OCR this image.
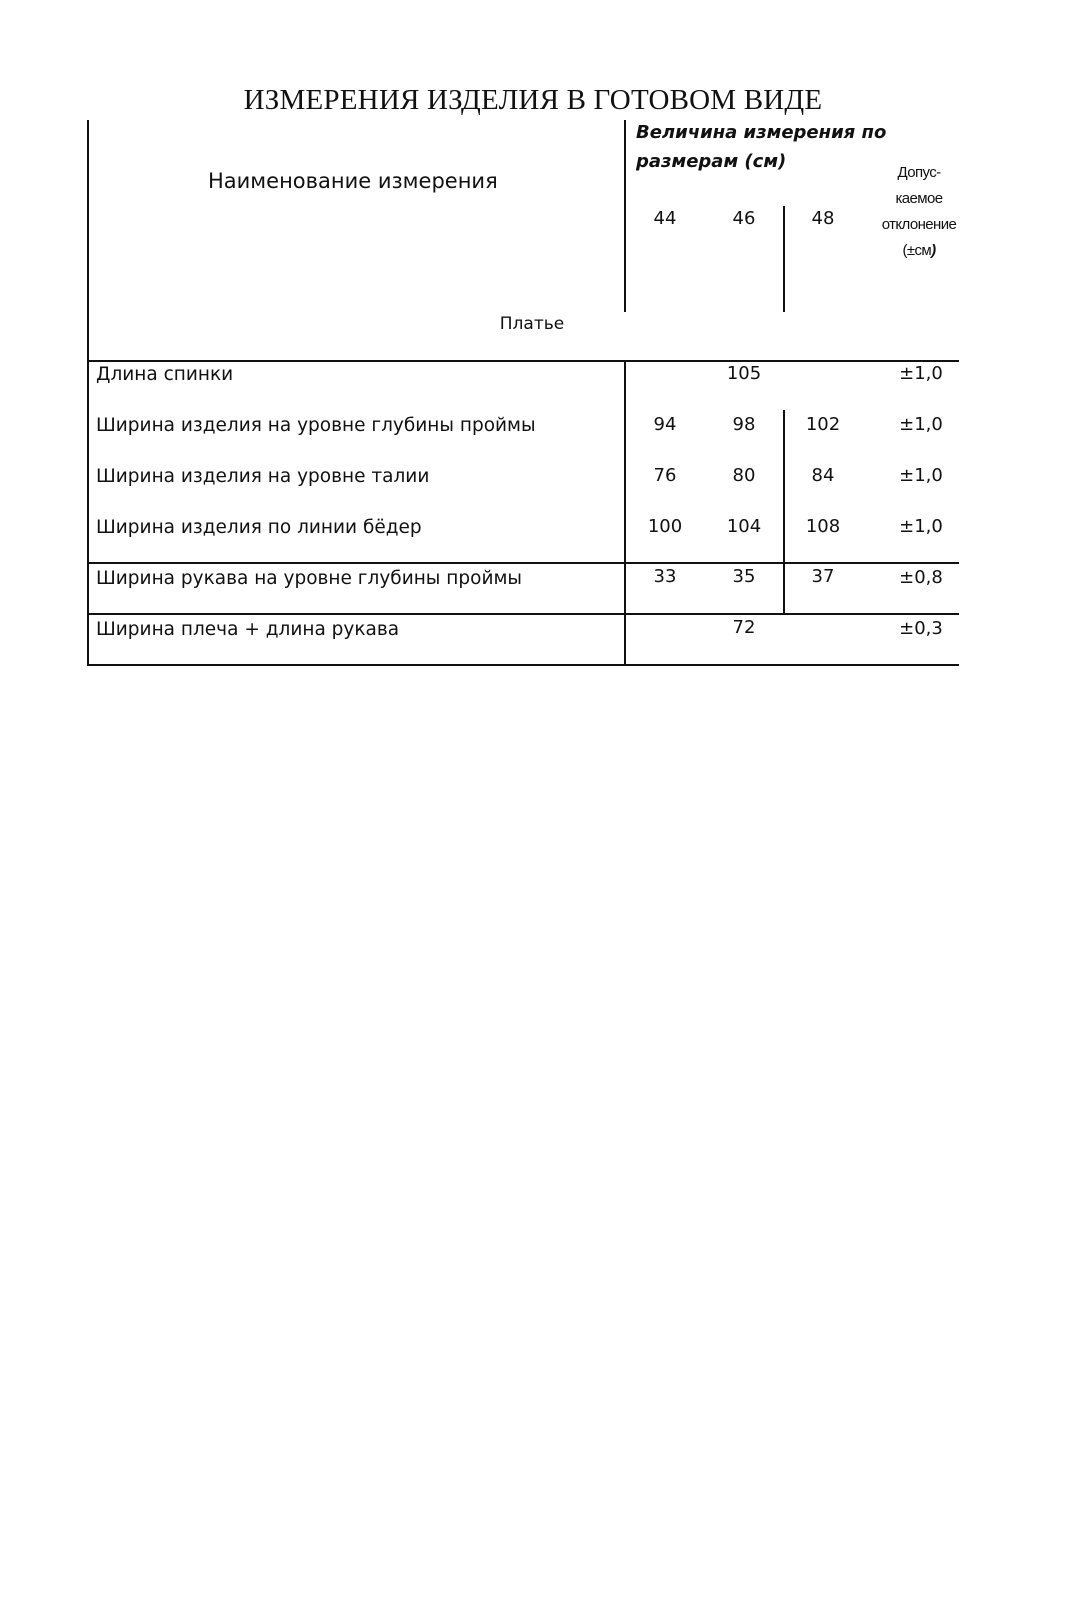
ИЗМЕРЕНИЯ ИЗДЕЛИЯ В ГОТОВОМ ВИДЕ
Наименование измерения
Величина измерения по
размерам (см)
44	46	48
Допус-
каемое
отклонение
(±см)
Платье
Длина спинки	105	±1,0
Ширина изделия на уровне глубины проймы	94	98	102	±1,0
Ширина изделия на уровне талии	76	80	84	±1,0
Ширина изделия по линии бёдер	100	104	108	±1,0
Ширина рукава на уровне глубины проймы	33	35	37	±0,8
Ширина плеча + длина рукава	72	±0,3
